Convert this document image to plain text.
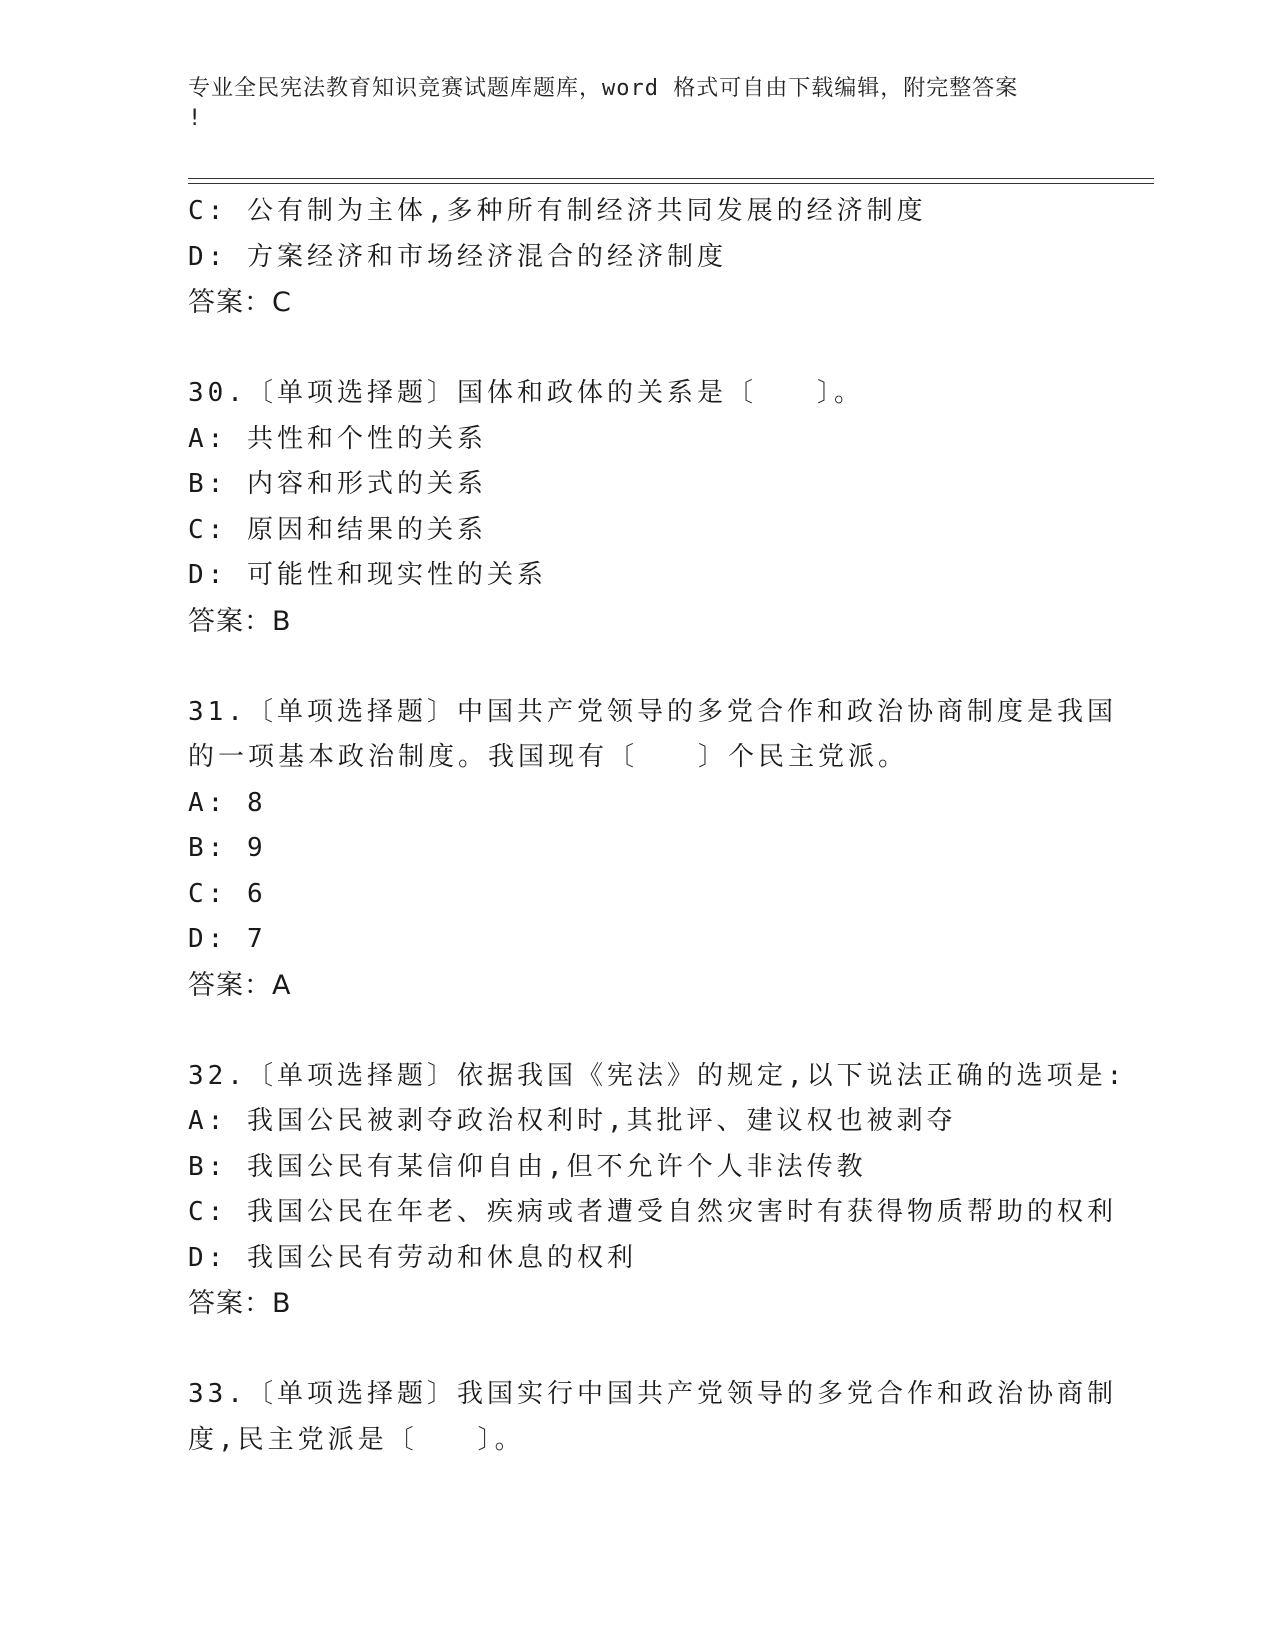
专业全民宪法教育知识竞赛试题库题库，word 格式可自由下载编辑，附完整答案
!
C: 公有制为主体,多种所有制经济共同发展的经济制度
D: 方案经济和市场经济混合的经济制度
答案：C
30.〔单项选择题〕国体和政体的关系是〔　　〕。
A: 共性和个性的关系
B: 内容和形式的关系
C: 原因和结果的关系
D: 可能性和现实性的关系
答案：B
31.〔单项选择题〕中国共产党领导的多党合作和政治协商制度是我国
的一项基本政治制度。我国现有〔　　〕个民主党派。
A: 8
B: 9
C: 6
D: 7
答案：A
32.〔单项选择题〕依据我国《宪法》的规定,以下说法正确的选项是:
A: 我国公民被剥夺政治权利时,其批评、建议权也被剥夺
B: 我国公民有某信仰自由,但不允许个人非法传教
C: 我国公民在年老、疾病或者遭受自然灾害时有获得物质帮助的权利
D: 我国公民有劳动和休息的权利
答案：B
33.〔单项选择题〕我国实行中国共产党领导的多党合作和政治协商制
度,民主党派是〔　　〕。
